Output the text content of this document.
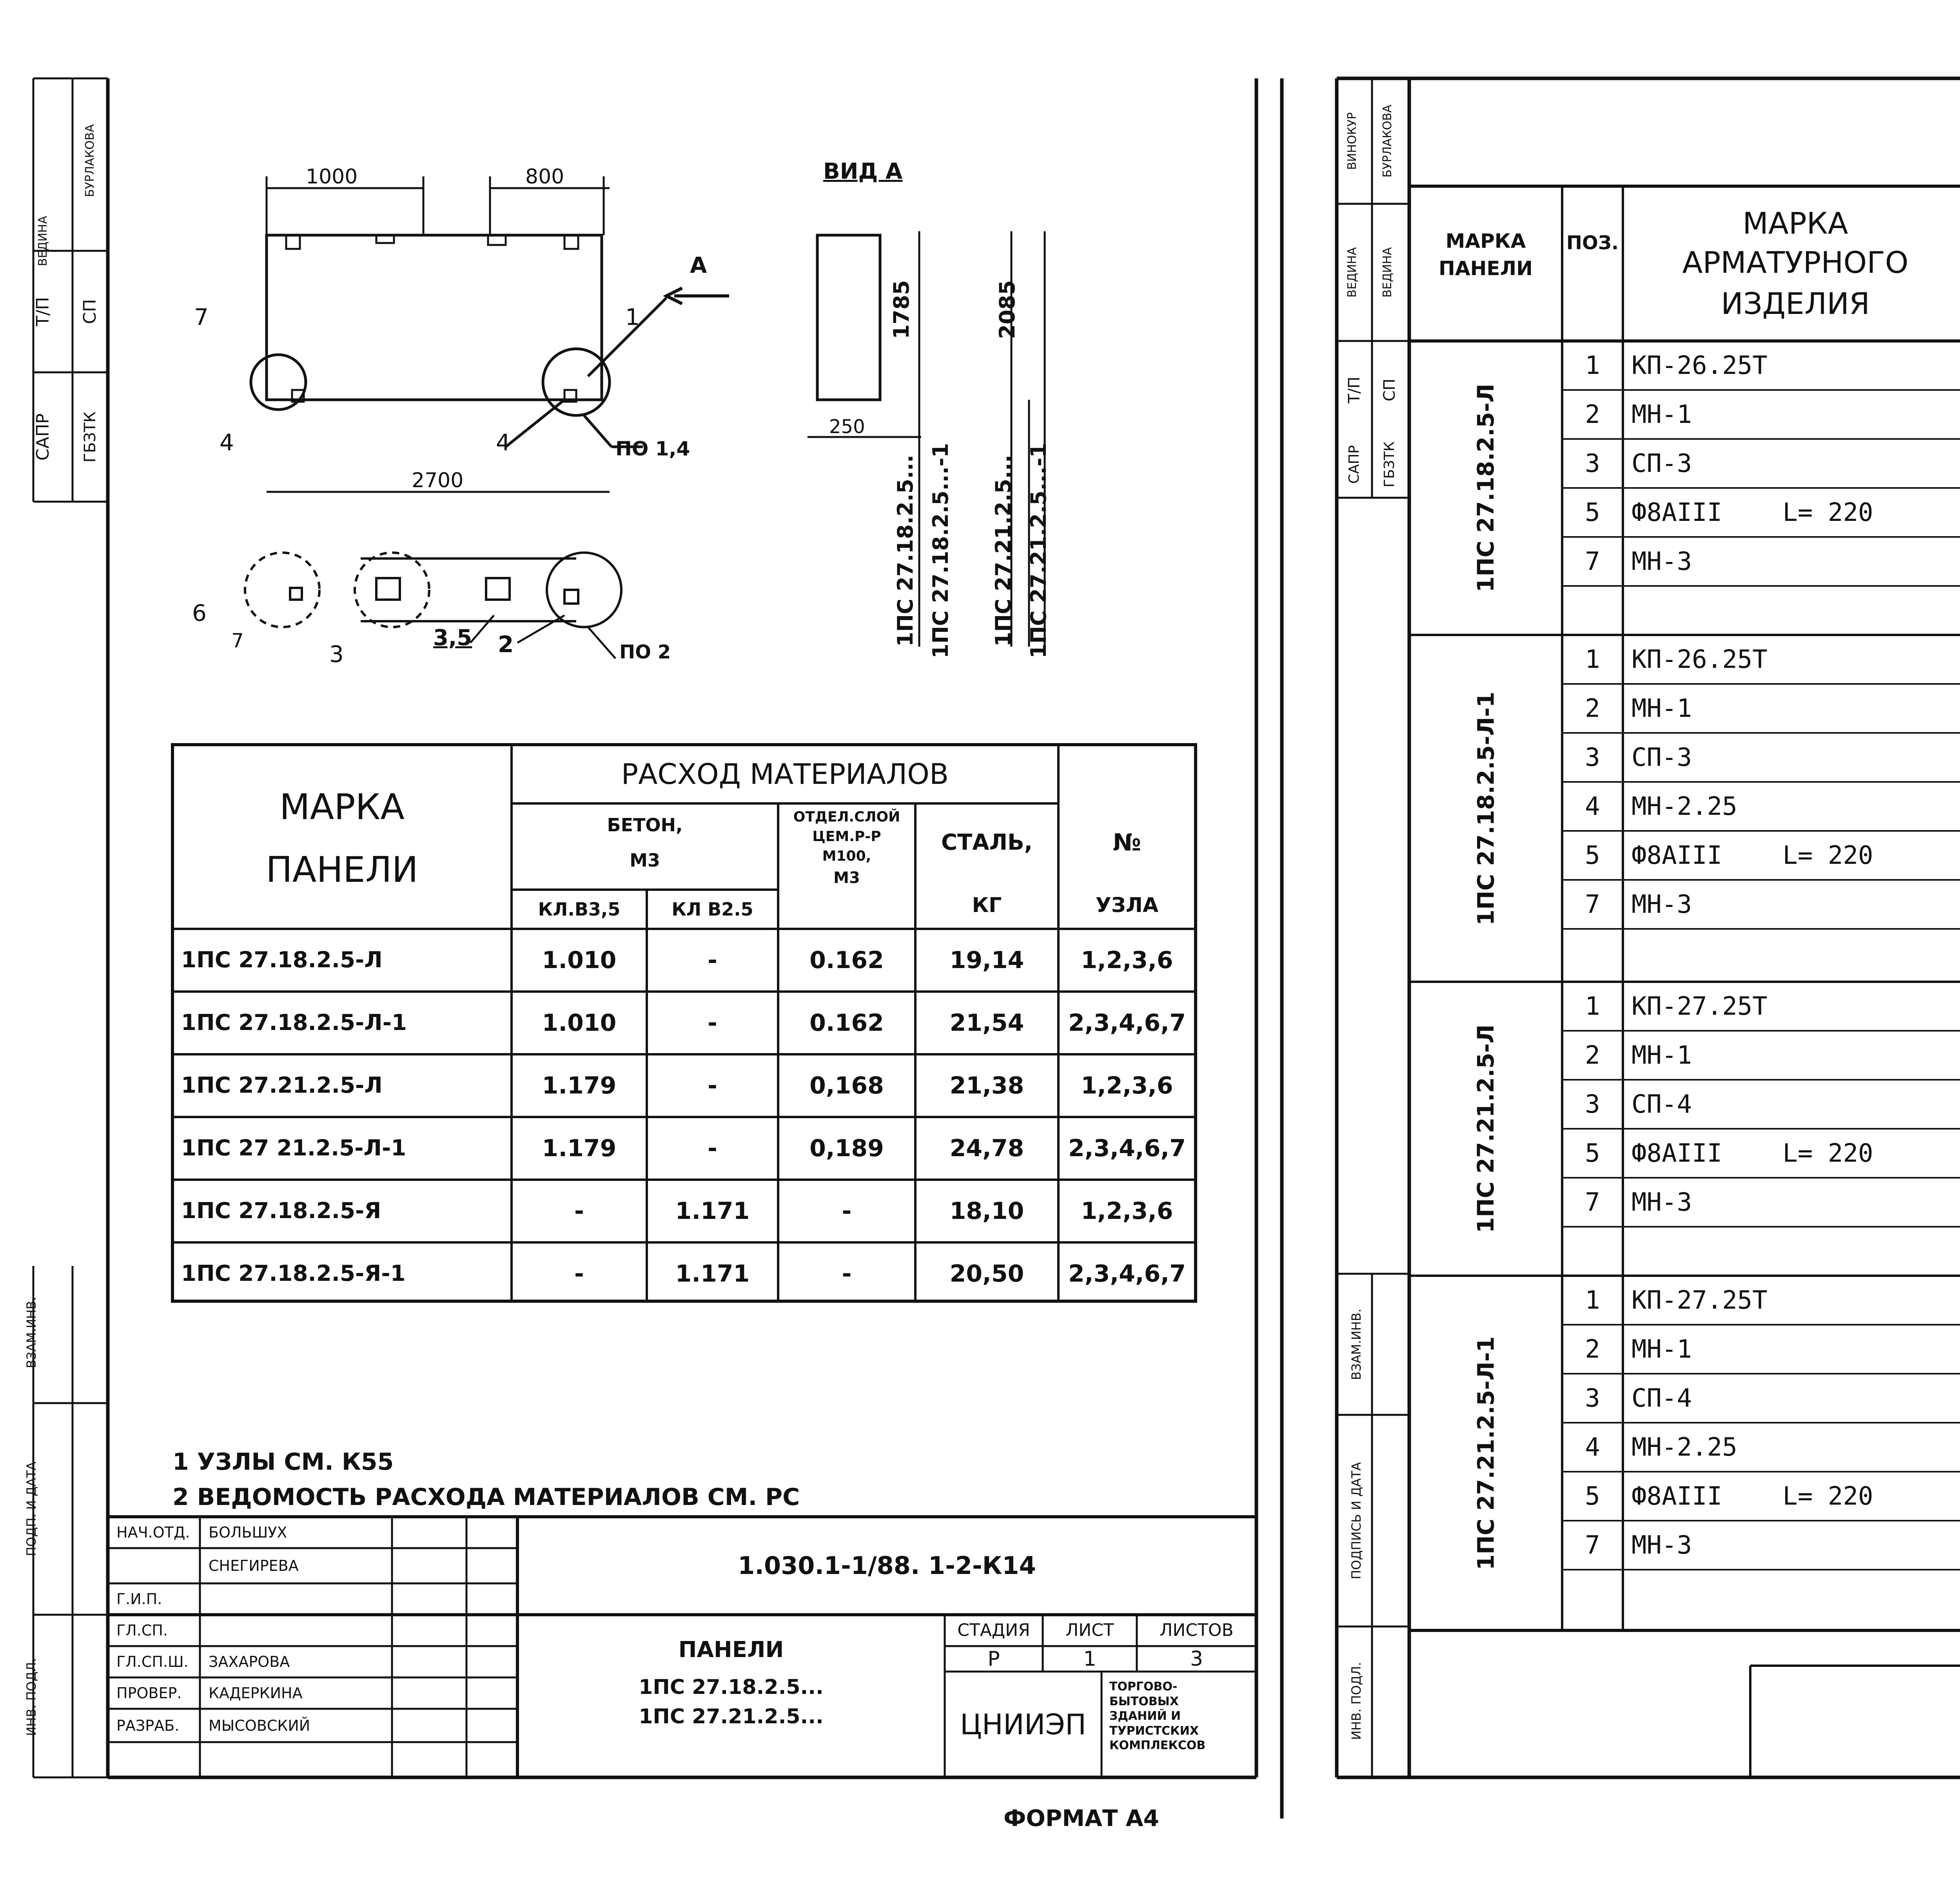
1000	800
2700
ВИД А
А
250
1785	2085
7	1
4	4	ПО 1,4
6
7	3
3,5 2	ПО 2
1ПС 27.18.2.5... 1ПС 27.18.2.5...-1 1ПС 27.21.2.5... 1ПС 27.21.2.5...-1
МАРКА
ПАНЕЛИ
РАСХОД МАТЕРИАЛОВ
БЕТОН,
М3
ОТДЕЛ.СЛОЙ
ЦЕМ.Р-Р
М100,
М3
СТАЛЬ,
КГ
№
УЗЛА
КЛ.В3,5	КЛ В2.5
1ПС 27.18.2.5-Л	1.010	-	0.162	19,14	1,2,3,6
1ПС 27.18.2.5-Л-1	1.010	-	0.162	21,54	2,3,4,6,7
1ПС 27.21.2.5-Л	1.179	-	0,168	21,38	1,2,3,6
1ПС 27 21.2.5-Л-1	1.179	-	0,189	24,78	2,3,4,6,7
1ПС 27.18.2.5-Я	-	1.171	-	18,10	1,2,3,6
1ПС 27.18.2.5-Я-1	-	1.171	-	20,50	2,3,4,6,7
1 УЗЛЫ СМ. К55
2 ВЕДОМОСТЬ РАСХОДА МАТЕРИАЛОВ СМ. РС
1.030.1-1/88. 1-2-К14
ПАНЕЛИ
1ПС 27.18.2.5...
1ПС 27.21.2.5...
СТАДИЯ	ЛИСТ	ЛИСТОВ
Р	1	3
ЦНИИЭП
ТОРГОВО-
БЫТОВЫХ
ЗДАНИЙ И
ТУРИСТСКИХ
КОМПЛЕКСОВ
НАЧ.ОТД.	БОЛЬШУХ
СНЕГИРЕВА
Г.И.П.
ГЛ.СП.
ГЛ.СП.Ш.	ЗАХАРОВА
ПРОВЕР.	КАДЕРКИНА
РАЗРАБ.	МЫСОВСКИЙ
ФОРМАТ А4
ВЕДИНА
БУРЛАКОВА
Т/П СП
САПР ГБЗТК
ВЗАМ.ИНВ.
ПОДП. И ДАТА
ИНВ. ПОДЛ.
ВИНОКУР БУРЛАКОВА
ВЕДИНА ВЕДИНА
Т/П СП
САПР ГБЗТК
ВЗАМ.ИНВ.
ПОДПИСЬ И ДАТА
ИНВ. ПОДЛ.
МАРКА
ПАНЕЛИ
ПОЗ.
МАРКА
АРМАТУРНОГО
ИЗДЕЛИЯ
1	КП-26.25Т
2	МН-1
3	СП-3
5	Ф8АIII    L= 220
7	МН-3
1ПС 27.18.2.5-Л
1	КП-26.25Т
2	МН-1
3	СП-3
4	МН-2.25
5	Ф8АIII    L= 220
7	МН-3
1ПС 27.18.2.5-Л-1
1	КП-27.25Т
2	МН-1
3	СП-4
5	Ф8АIII    L= 220
7	МН-3
1ПС 27.21.2.5-Л
1	КП-27.25Т
2	МН-1
3	СП-4
4	МН-2.25
5	Ф8АIII    L= 220
7	МН-3
1ПС 27.21.2.5-Л-1
